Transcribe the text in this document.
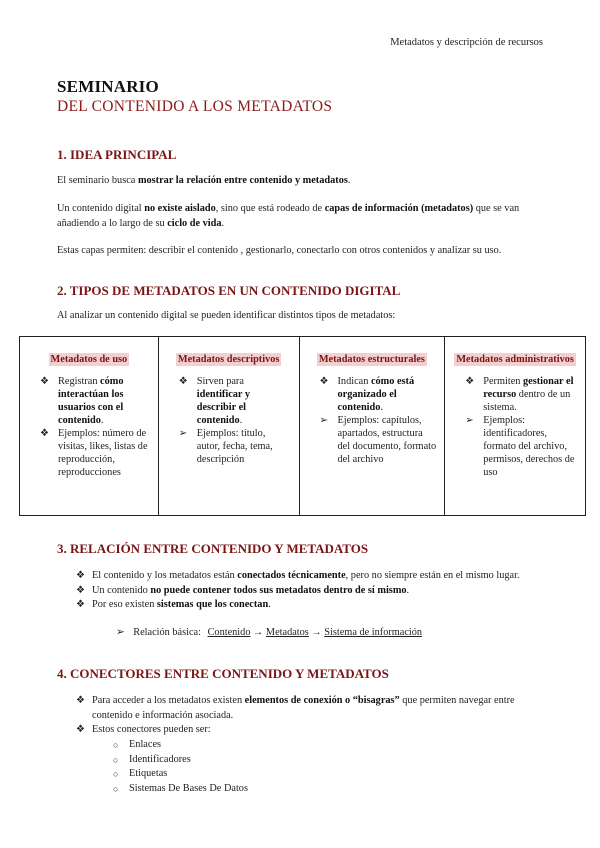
Metadatos y descripción de recursos
SEMINARIO
DEL CONTENIDO A LOS METADATOS
1. IDEA PRINCIPAL
El seminario busca mostrar la relación entre contenido y metadatos.
Un contenido digital no existe aislado, sino que está rodeado de capas de información (metadatos) que se van añadiendo a lo largo de su ciclo de vida.
Estas capas permiten: describir el contenido , gestionarlo, conectarlo con otros contenidos y analizar su uso.
2. TIPOS DE METADATOS EN UN CONTENIDO DIGITAL
Al analizar un contenido digital se pueden identificar distintos tipos de metadatos:
Metadatos de uso
❖ Registran cómo interactúan los usuarios con el contenido.
❖ Ejemplos: número de visitas, likes, listas de reproducción, reproducciones
Metadatos descriptivos
❖ Sirven para identificar y describir el contenido.
➢ Ejemplos: título, autor, fecha, tema, descripción
Metadatos estructurales
❖ Indican cómo está organizado el contenido.
➢ Ejemplos: capítulos, apartados, estructura del documento, formato del archivo
Metadatos administrativos
❖ Permiten gestionar el recurso dentro de un sistema.
➢ Ejemplos: identificadores, formato del archivo, permisos, derechos de uso
3. RELACIÓN ENTRE CONTENIDO Y METADATOS
❖ El contenido y los metadatos están conectados técnicamente, pero no siempre están en el mismo lugar.
❖ Un contenido no puede contener todos sus metadatos dentro de sí mismo.
❖ Por eso existen sistemas que los conectan.
➢ Relación básica: Contenido → Metadatos → Sistema de información
4. CONECTORES ENTRE CONTENIDO Y METADATOS
❖ Para acceder a los metadatos existen elementos de conexión o “bisagras” que permiten navegar entre contenido e información asociada.
❖ Estos conectores pueden ser:
○ Enlaces
○ Identificadores
○ Etiquetas
○ Sistemas De Bases De Datos
